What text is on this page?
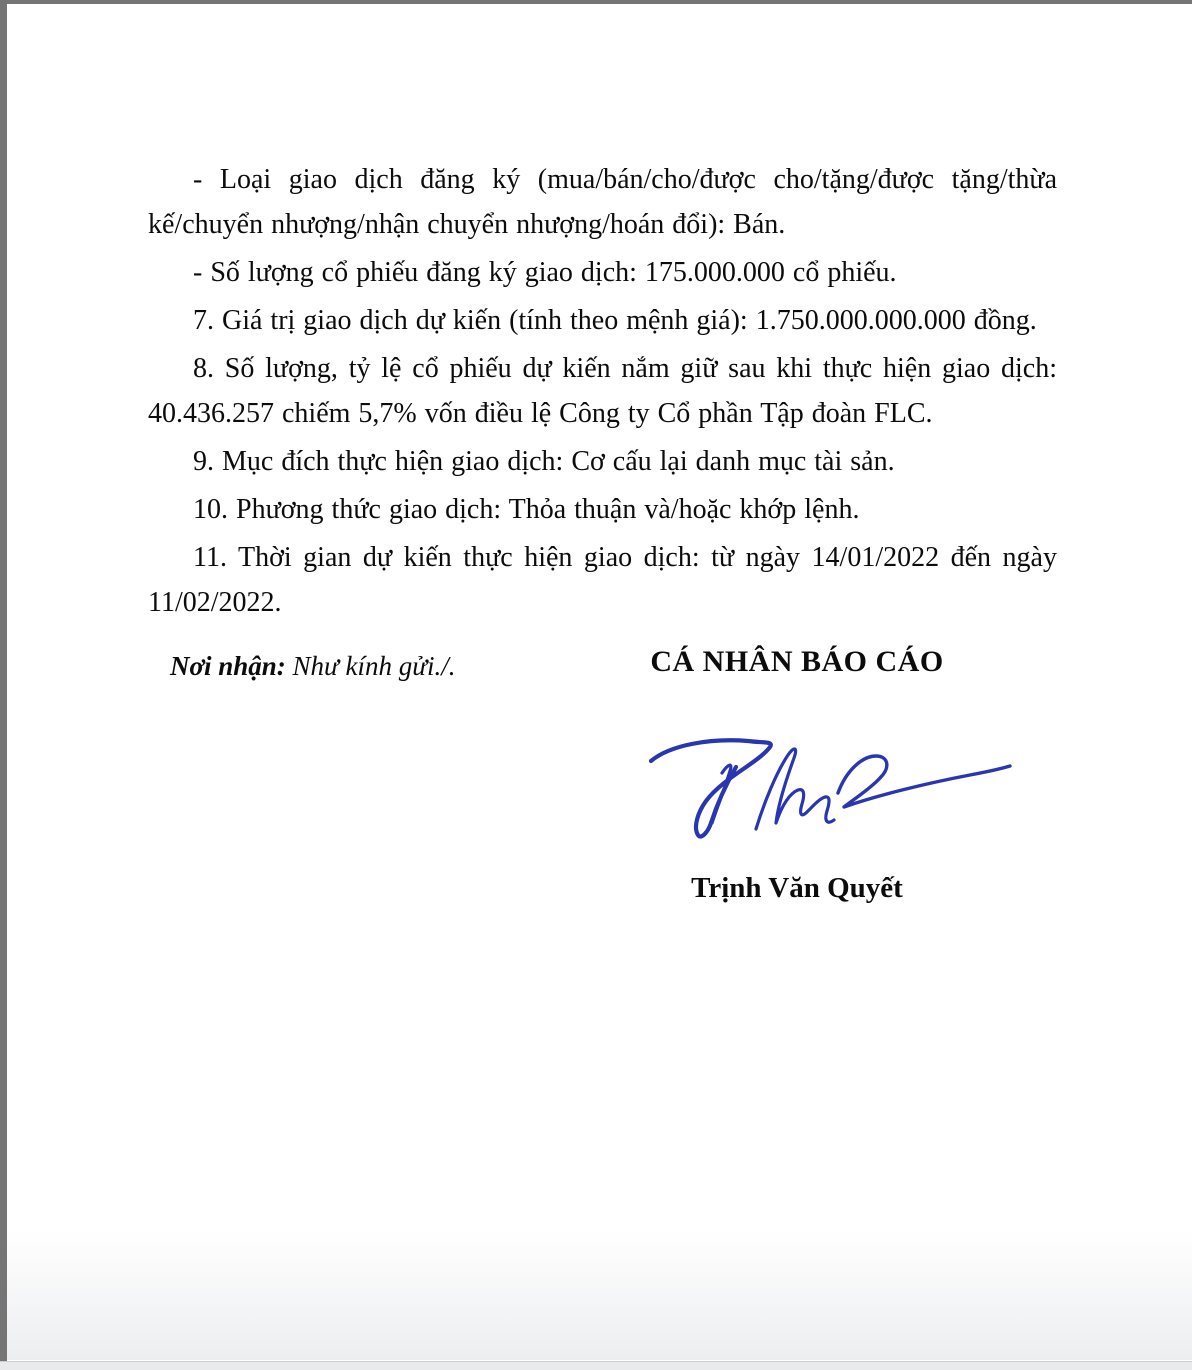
- Loại giao dịch đăng ký (mua/bán/cho/được cho/tặng/được tặng/thừa kế/chuyển nhượng/nhận chuyển nhượng/hoán đổi): Bán.

- Số lượng cổ phiếu đăng ký giao dịch: 175.000.000 cổ phiếu.

7. Giá trị giao dịch dự kiến (tính theo mệnh giá): 1.750.000.000.000 đồng.

8. Số lượng, tỷ lệ cổ phiếu dự kiến nắm giữ sau khi thực hiện giao dịch: 40.436.257 chiếm 5,7% vốn điều lệ Công ty Cổ phần Tập đoàn FLC.

9. Mục đích thực hiện giao dịch: Cơ cấu lại danh mục tài sản.

10. Phương thức giao dịch: Thỏa thuận và/hoặc khớp lệnh.

11. Thời gian dự kiến thực hiện giao dịch: từ ngày 14/01/2022 đến ngày 11/02/2022.

Nơi nhận: Như kính gửi./.	CÁ NHÂN BÁO CÁO
Trịnh Văn Quyết
